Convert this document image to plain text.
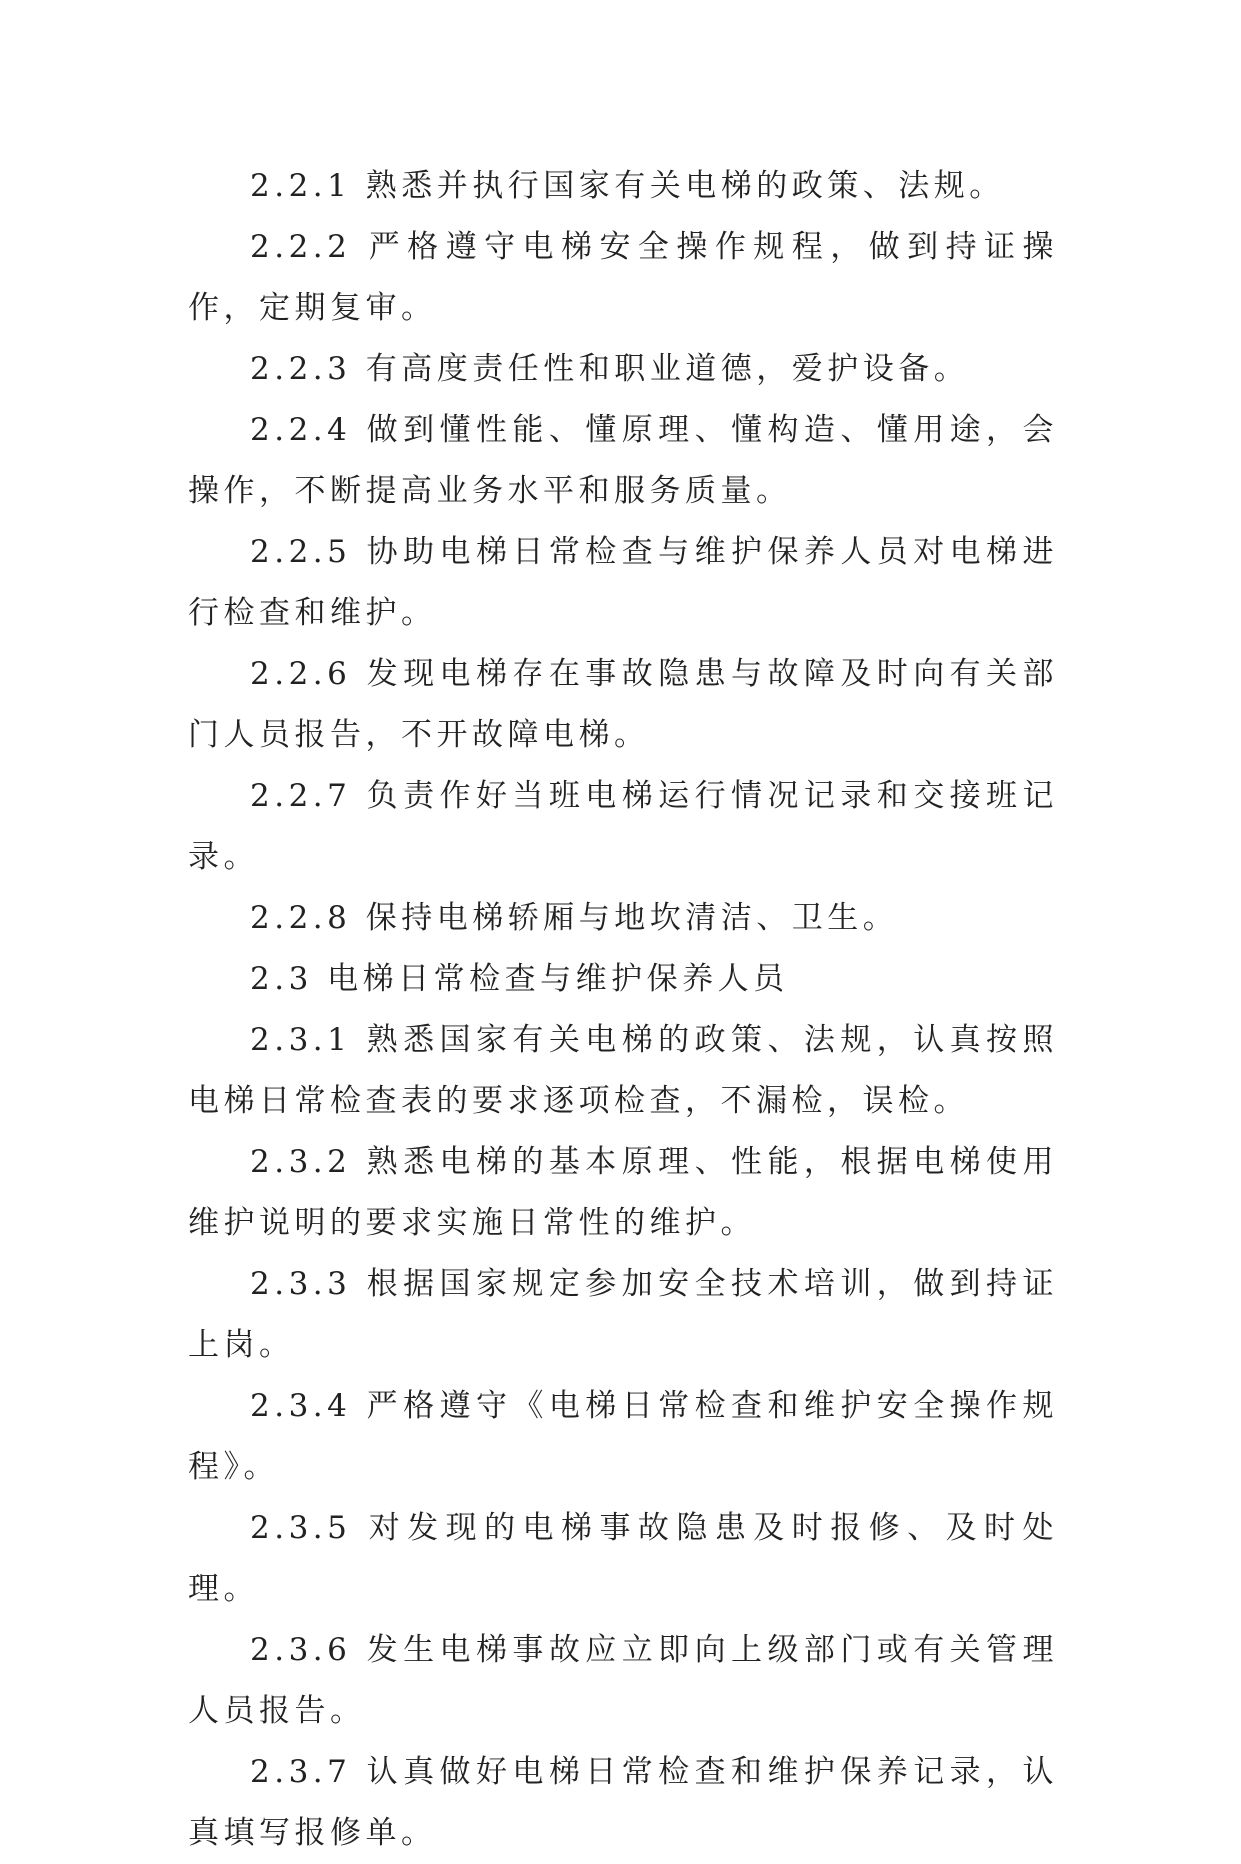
2.2.1 熟悉并执行国家有关电梯的政策、法规。

2.2.2 严格遵守电梯安全操作规程，做到持证操作，定期复审。

2.2.3 有高度责任性和职业道德，爱护设备。

2.2.4 做到懂性能、懂原理、懂构造、懂用途，会操作，不断提高业务水平和服务质量。

2.2.5 协助电梯日常检查与维护保养人员对电梯进行检查和维护。

2.2.6 发现电梯存在事故隐患与故障及时向有关部门人员报告，不开故障电梯。

2.2.7 负责作好当班电梯运行情况记录和交接班记录。

2.2.8 保持电梯轿厢与地坎清洁、卫生。

2.3 电梯日常检查与维护保养人员

2.3.1 熟悉国家有关电梯的政策、法规，认真按照电梯日常检查表的要求逐项检查，不漏检，误检。

2.3.2 熟悉电梯的基本原理、性能，根据电梯使用维护说明的要求实施日常性的维护。

2.3.3 根据国家规定参加安全技术培训，做到持证上岗。

2.3.4 严格遵守《电梯日常检查和维护安全操作规程》。

2.3.5 对发现的电梯事故隐患及时报修、及时处理。

2.3.6 发生电梯事故应立即向上级部门或有关管理人员报告。

2.3.7 认真做好电梯日常检查和维护保养记录，认真填写报修单。
